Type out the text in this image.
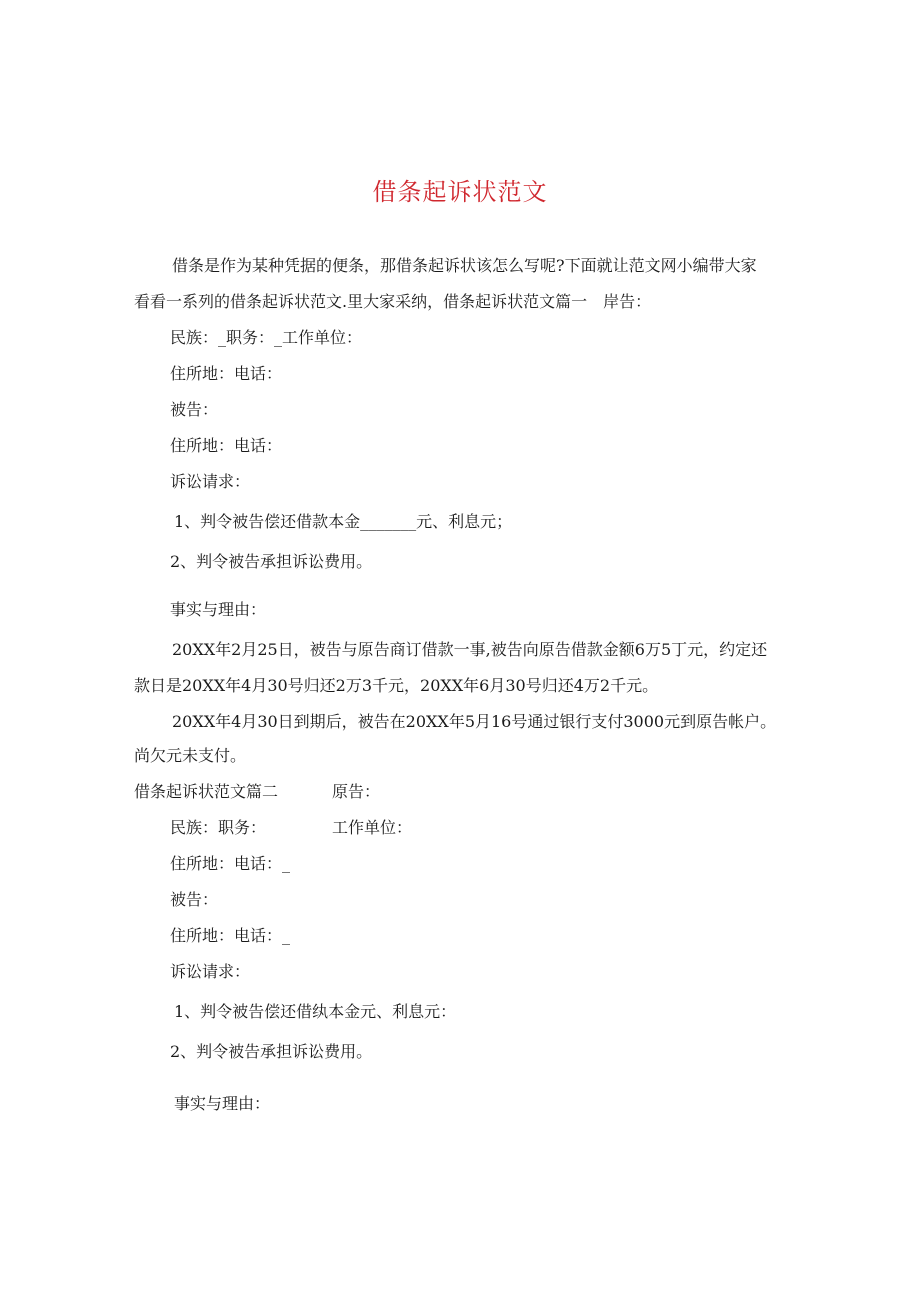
借条起诉状范文

借条是作为某种凭据的便条，那借条起诉状该怎么写呢?下面就让范文网小编带大家

看看一系列的借条起诉状范文.里大家采纳，借条起诉状范文篇一　岸告：

民族：_职务：_工作单位：

住所地：电话：

被告：

住所地：电话：

诉讼请求：

1、判令被告偿还借款本金_______元、利息元；

2、判令被告承担诉讼费用。

事实与理由：

20XX年2月25日，被告与原告商订借款一事,被告向原告借款金额6万5丁元，约定还

款日是20XX年4月30号归还2万3千元，20XX年6月30号归还4万2千元。

20XX年4月30日到期后，被告在20XX年5月16号通过银行支付3000元到原告帐户。

尚欠元未支付。

借条起诉状范文篇二	原告：

民族：职务：	工作单位：

住所地：电话：_

被告：

住所地：电话：_

诉讼请求：

1、判令被告偿还借纨本金元、利息元：

2、判令被告承担诉讼费用。

事实与理由：
